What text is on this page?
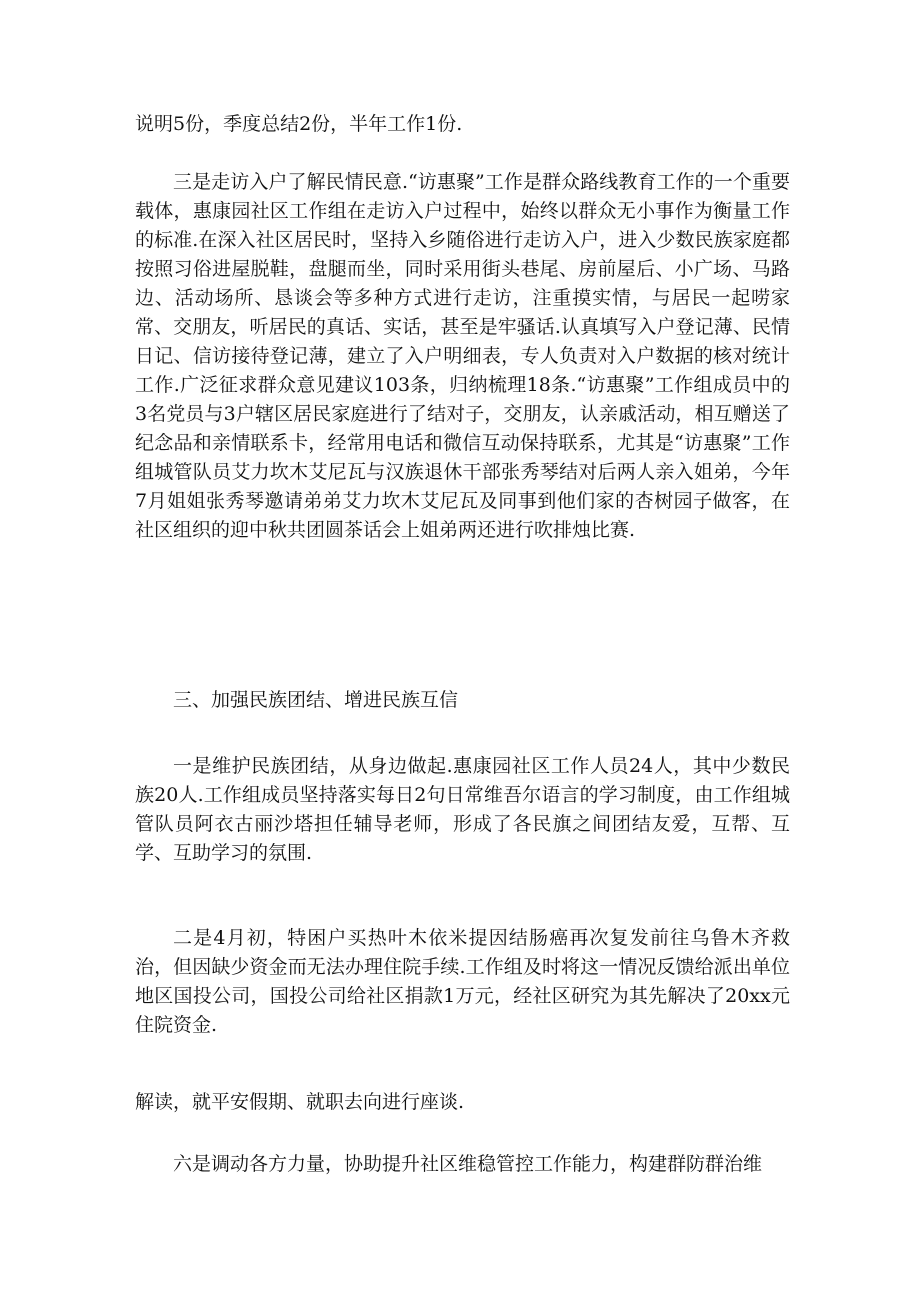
说明5份，季度总结2份，半年工作1份.

三是走访入户了解民情民意.“访惠聚”工作是群众路线教育工作的一个重要载体，惠康园社区工作组在走访入户过程中，始终以群众无小事作为衡量工作的标准.在深入社区居民时，坚持入乡随俗进行走访入户，进入少数民族家庭都按照习俗进屋脱鞋，盘腿而坐，同时采用街头巷尾、房前屋后、小广场、马路边、活动场所、恳谈会等多种方式进行走访，注重摸实情，与居民一起唠家常、交朋友，听居民的真话、实话，甚至是牢骚话.认真填写入户登记薄、民情日记、信访接待登记薄，建立了入户明细表，专人负责对入户数据的核对统计工作.广泛征求群众意见建议103条，归纳梳理18条.“访惠聚”工作组成员中的3名党员与3户辖区居民家庭进行了结对子，交朋友，认亲戚活动，相互赠送了纪念品和亲情联系卡，经常用电话和微信互动保持联系，尤其是“访惠聚”工作组城管队员艾力坎木艾尼瓦与汉族退休干部张秀琴结对后两人亲入姐弟，今年7月姐姐张秀琴邀请弟弟艾力坎木艾尼瓦及同事到他们家的杏树园子做客，在社区组织的迎中秋共团圆茶话会上姐弟两还进行吹排烛比赛.

三、加强民族团结、增进民族互信

一是维护民族团结，从身边做起.惠康园社区工作人员24人，其中少数民族20人.工作组成员坚持落实每日2句日常维吾尔语言的学习制度，由工作组城管队员阿衣古丽沙塔担任辅导老师，形成了各民旗之间团结友爱，互帮、互学、互助学习的氛围.

二是4月初，特困户买热叶木依米提因结肠癌再次复发前往乌鲁木齐救治，但因缺少资金而无法办理住院手续.工作组及时将这一情况反馈给派出单位地区国投公司，国投公司给社区捐款1万元，经社区研究为其先解决了20xx元住院资金.

解读，就平安假期、就职去向进行座谈.

六是调动各方力量，协助提升社区维稳管控工作能力，构建群防群治维
